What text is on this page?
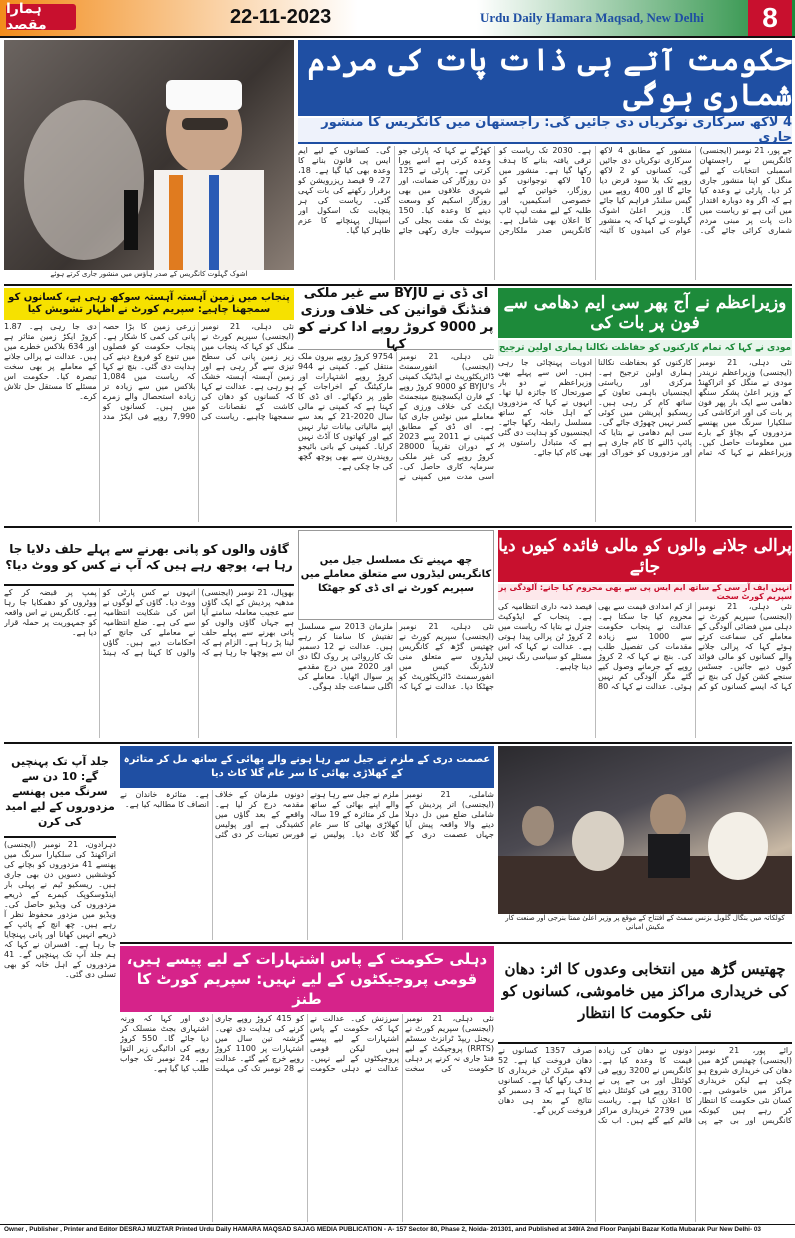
ہمارا مقصد	22-11-2023	Urdu Daily Hamara Maqsad, New Delhi	8
اشوک گہلوت کانگریس کے صدر ہاؤس میں منشور جاری کرتے ہوئے
حکومت آتے ہی ذات پات کی مردم شماری ہوگی
4 لاکھ سرکاری نوکریاں دی جائیں گی: راجستھان میں کانگریس کا منشور جاری
جے پور، 21 نومبر (ایجنسی) کانگریس نے راجستھان اسمبلی انتخابات کے لیے منگل کو اپنا منشور جاری کر دیا۔ پارٹی نے وعدہ کیا ہے کہ اگر وہ دوبارہ اقتدار میں آتی ہے تو ریاست میں ذات پات پر مبنی مردم شماری کرائی جائے گی۔ منشور کے مطابق 4 لاکھ سرکاری نوکریاں دی جائیں گی، کسانوں کو 2 لاکھ روپے تک بلا سود قرض دیا جائے گا اور 400 روپے میں گیس سلنڈر فراہم کیا جائے گا۔ وزیر اعلیٰ اشوک گہلوت نے کہا کہ یہ منشور عوام کی امیدوں کا آئینہ ہے۔ 2030 تک ریاست کو ترقی یافتہ بنانے کا ہدف رکھا گیا ہے۔ منشور میں 10 لاکھ نوجوانوں کو روزگار، خواتین کے لیے خصوصی اسکیمیں، اور طلبہ کے لیے مفت لیپ ٹاپ کا اعلان بھی شامل ہے۔ کانگریس صدر ملکارجن کھڑگے نے کہا کہ پارٹی جو وعدہ کرتی ہے اسے پورا کرتی ہے۔ پارٹی نے 125 دن روزگار کی ضمانت، اور شہری علاقوں میں بھی روزگار اسکیم کو وسعت دینے کا وعدہ کیا۔ 150 یونٹ تک مفت بجلی کی سہولت جاری رکھی جائے گی۔ کسانوں کے لیے ایم ایس پی قانون بنانے کا وعدہ بھی کیا گیا ہے۔ 18، 27، 9 فیصد ریزرویشن کو برقرار رکھنے کی بات کہی گئی۔ ریاست کی ہر پنچایت تک اسکول اور اسپتال پہنچانے کا عزم ظاہر کیا گیا۔
پنجاب میں زمین آہستہ آہستہ سوکھ رہی ہے، کسانوں کو سمجھنا چاہیے: سپریم کورٹ نے اظہار تشویش کیا
نئی دہلی، 21 نومبر (ایجنسی) سپریم کورٹ نے منگل کو کہا کہ پنجاب میں زیر زمین پانی کی سطح تیزی سے گر رہی ہے اور زمین آہستہ آہستہ خشک ہو رہی ہے۔ عدالت نے کہا کہ کسانوں کو دھان کی کاشت کے نقصانات کو سمجھنا چاہیے۔ ریاست کی زرعی زمین کا بڑا حصہ پانی کی کمی کا شکار ہے۔ پنجاب حکومت کو فصلوں میں تنوع کو فروغ دینے کی ہدایت دی گئی۔ بنچ نے کہا کہ ریاست میں 1,084 بلاکس میں سے زیادہ تر زیادہ استحصال والے زمرے میں ہیں۔ کسانوں کو 7,990 روپے فی ایکڑ مدد دی جا رہی ہے۔ 1.87 کروڑ ایکڑ زمین متاثر ہے اور 634 بلاکس خطرے میں ہیں۔ عدالت نے پرالی جلانے کے معاملے پر بھی سخت تبصرہ کیا۔ حکومت اس مسئلے کا مستقل حل تلاش کرے۔
ای ڈی نے BYJU سے غیر ملکی فنڈنگ قوانین کی خلاف ورزی پر 9000 کروڑ روپے ادا کرنے کو کہا
نئی دہلی، 21 نومبر (ایجنسی) انفورسمنٹ ڈائریکٹوریٹ نے ایڈٹیک کمپنی BYJU's کو 9000 کروڑ روپے کے فارن ایکسچینج مینجمنٹ ایکٹ کی خلاف ورزی کے معاملے میں نوٹس جاری کیا ہے۔ ای ڈی کے مطابق کمپنی نے 2011 سے 2023 کے دوران تقریباً 28000 کروڑ روپے کی غیر ملکی سرمایہ کاری حاصل کی۔ اسی مدت میں کمپنی نے 9754 کروڑ روپے بیرون ملک منتقل کیے۔ کمپنی نے 944 کروڑ روپے اشتہارات اور مارکیٹنگ کے اخراجات کے طور پر دکھائے۔ ای ڈی کا کہنا ہے کہ کمپنی نے مالی سال 2020-21 کے بعد سے اپنے مالیاتی بیانات تیار نہیں کیے اور کھاتوں کا آڈٹ نہیں کرایا۔ کمپنی کے بانی بائیجو رویندرن سے بھی پوچھ گچھ کی جا چکی ہے۔
وزیراعظم نے آج پھر سی ایم دھامی سے فون پر بات کی
مودی نے کہا کہ تمام کارکنوں کو حفاظت نکالنا ہماری اولین ترجیح
نئی دہلی، 21 نومبر (ایجنسی) وزیراعظم نریندر مودی نے منگل کو اتراکھنڈ کے وزیر اعلیٰ پشکر سنگھ دھامی سے ایک بار پھر فون پر بات کی اور اترکاشی کی سلکیارا سرنگ میں پھنسے مزدوروں کے بچاؤ کے بارے میں معلومات حاصل کیں۔ وزیراعظم نے کہا کہ تمام کارکنوں کو بحفاظت نکالنا ہماری اولین ترجیح ہے۔ مرکزی اور ریاستی ایجنسیاں باہمی تعاون کے ساتھ کام کر رہی ہیں۔ ریسکیو آپریشن میں کوئی کسر نہیں چھوڑی جائے گی۔ سی ایم دھامی نے بتایا کہ پائپ ڈالنے کا کام جاری ہے اور مزدوروں کو خوراک اور ادویات پہنچائی جا رہی ہیں۔ اس سے پہلے بھی وزیراعظم نے دو بار صورتحال کا جائزہ لیا تھا۔ انہوں نے کہا کہ مزدوروں کے اہل خانہ کے ساتھ مسلسل رابطہ رکھا جائے۔ ایجنسیوں کو ہدایت دی گئی ہے کہ متبادل راستوں پر بھی کام کیا جائے۔
گاؤں والوں کو پانی بھرنے سے پہلے حلف دلایا جا رہا ہے، پوچھ رہے ہیں کہ آپ نے کس کو ووٹ دیا؟
بھوپال، 21 نومبر (ایجنسی) مدھیہ پردیش کے ایک گاؤں سے عجیب معاملہ سامنے آیا ہے جہاں گاؤں والوں کو پانی بھرنے سے پہلے حلف لینا پڑ رہا ہے۔ الزام ہے کہ ان سے پوچھا جا رہا ہے کہ انہوں نے کس پارٹی کو ووٹ دیا۔ گاؤں کے لوگوں نے اس کی شکایت انتظامیہ سے کی ہے۔ ضلع انتظامیہ نے معاملے کی جانچ کے احکامات دیے ہیں۔ گاؤں والوں کا کہنا ہے کہ ہینڈ پمپ پر قبضہ کر کے ووٹروں کو دھمکایا جا رہا ہے۔ کانگریس نے اس واقعہ کو جمہوریت پر حملہ قرار دیا ہے۔
چھ مہینے تک مسلسل جیل میں کانگریس لیڈروں سے متعلق معاملے میں سپریم کورٹ نے ای ڈی کو جھٹکا
نئی دہلی، 21 نومبر (ایجنسی) سپریم کورٹ نے چھتیس گڑھ کے کانگریس لیڈروں سے متعلق منی لانڈرنگ کیس میں انفورسمنٹ ڈائریکٹوریٹ کو جھٹکا دیا۔ عدالت نے کہا کہ ملزمان 2013 سے مسلسل تفتیش کا سامنا کر رہے ہیں۔ عدالت نے 12 دسمبر تک کارروائی پر روک لگا دی اور 2020 میں درج مقدمے پر سوال اٹھایا۔ معاملے کی اگلی سماعت جلد ہوگی۔
پرالی جلانے والوں کو مالی فائدہ کیوں دیا جائے
انہیں ایف آر سی کے ساتھ ایم ایس پی سے بھی محروم کیا جانے: آلودگی پر سپریم کورٹ سخت
نئی دہلی، 21 نومبر (ایجنسی) سپریم کورٹ نے دہلی میں فضائی آلودگی کے معاملے کی سماعت کرتے ہوئے کہا کہ پرالی جلانے والے کسانوں کو مالی فوائد کیوں دیے جائیں۔ جسٹس سنجے کشن کول کی بنچ نے کہا کہ ایسے کسانوں کو کم از کم امدادی قیمت سے بھی محروم کیا جا سکتا ہے۔ عدالت نے پنجاب حکومت سے 1000 سے زیادہ مقدمات کی تفصیل طلب کی۔ بنچ نے کہا کہ 2 کروڑ روپے کے جرمانے وصول کیے گئے مگر آلودگی کم نہیں ہوئی۔ عدالت نے کہا کہ 80 فیصد ذمہ داری انتظامیہ کی ہے۔ پنجاب کے ایڈوکیٹ جنرل نے بتایا کہ ریاست میں 2 کروڑ ٹن پرالی پیدا ہوتی ہے۔ عدالت نے کہا کہ اس مسئلے کو سیاسی رنگ نہیں دینا چاہیے۔
جلد آپ تک پہنچیں گے: 10 دن سے سرنگ میں پھنسے مزدوروں کے لیے امید کی کرن
دہرادون، 21 نومبر (ایجنسی) اتراکھنڈ کی سلکیارا سرنگ میں پھنسے 41 مزدوروں کو بچانے کی کوششیں دسویں دن بھی جاری ہیں۔ ریسکیو ٹیم نے پہلی بار اینڈوسکوپک کیمرے کے ذریعے مزدوروں کی ویڈیو حاصل کی۔ ویڈیو میں مزدور محفوظ نظر آ رہے ہیں۔ چھ انچ کے پائپ کے ذریعے انہیں کھانا اور پانی پہنچایا جا رہا ہے۔ افسران نے کہا کہ ہم جلد آپ تک پہنچیں گے۔ 41 مزدوروں کے اہل خانہ کو بھی تسلی دی گئی۔
عصمت دری کے ملزم نے جیل سے رہا ہونے والے بھائی کے ساتھ مل کر متاثرہ کے کھلاڑی بھائی کا سر عام گلا کاٹ دیا
شاملی، 21 نومبر (ایجنسی) اتر پردیش کے شاملی ضلع میں دل دہلا دینے والا واقعہ پیش آیا جہاں عصمت دری کے ملزم نے جیل سے رہا ہونے والے اپنے بھائی کے ساتھ مل کر متاثرہ کے 19 سالہ کھلاڑی بھائی کا سر عام گلا کاٹ دیا۔ پولیس نے دونوں ملزمان کے خلاف مقدمہ درج کر لیا ہے۔ واقعے کے بعد گاؤں میں کشیدگی ہے اور پولیس فورس تعینات کر دی گئی ہے۔ متاثرہ خاندان نے انصاف کا مطالبہ کیا ہے۔
کولکاتہ میں بنگال گلوبل بزنس سمٹ کے افتتاح کے موقع پر وزیر اعلیٰ ممتا بنرجی اور صنعت کار مکیش امبانی
دہلی حکومت کے پاس اشتہارات کے لیے پیسے ہیں، قومی پروجیکٹوں کے لیے نہیں: سپریم کورٹ کا طنز
نئی دہلی، 21 نومبر (ایجنسی) سپریم کورٹ نے ریجنل ریپڈ ٹرانزٹ سسٹم (RRTS) پروجیکٹ کے لیے فنڈ جاری نہ کرنے پر دہلی حکومت کی سخت سرزنش کی۔ عدالت نے کہا کہ حکومت کے پاس اشتہارات کے لیے پیسے ہیں لیکن قومی پروجیکٹوں کے لیے نہیں۔ عدالت نے دہلی حکومت کو 415 کروڑ روپے جاری کرنے کی ہدایت دی تھی۔ گزشتہ تین سال میں اشتہارات پر 1100 کروڑ روپے خرچ کیے گئے۔ عدالت نے 28 نومبر تک کی مہلت دی اور کہا کہ ورنہ اشتہاری بجٹ منسلک کر دیا جائے گا۔ 550 کروڑ روپے کی ادائیگی زیر التوا ہے۔ 24 نومبر تک جواب طلب کیا گیا ہے۔
چھتیس گڑھ میں انتخابی وعدوں کا اثر: دھان کی خریداری مراکز میں خاموشی، کسانوں کو نئی حکومت کا انتظار
رائے پور، 21 نومبر (ایجنسی) چھتیس گڑھ میں دھان کی خریداری شروع ہو چکی ہے لیکن خریداری مراکز میں خاموشی ہے۔ کسان نئی حکومت کا انتظار کر رہے ہیں کیونکہ کانگریس اور بی جے پی دونوں نے دھان کی زیادہ قیمت کا وعدہ کیا ہے۔ کانگریس نے 3200 روپے فی کوئنٹل اور بی جے پی نے 3100 روپے فی کوئنٹل دینے کا اعلان کیا ہے۔ ریاست میں 2739 خریداری مراکز قائم کیے گئے ہیں۔ اب تک صرف 1357 کسانوں نے دھان فروخت کیا ہے۔ 52 لاکھ میٹرک ٹن خریداری کا ہدف رکھا گیا ہے۔ کسانوں کا کہنا ہے کہ 3 دسمبر کو نتائج کے بعد ہی دھان فروخت کریں گے۔
Owner , Publisher , Printer and Editor DESRAJ MUZTAR Printed Urdu Daily HAMARA MAQSAD SAJAG MEDIA PUBLICATION - A- 157 Sector 80, Phase 2, Noida- 201301, and Published at 349/A 2nd Floor Panjabi Bazar Kotla Mubarak Pur New Delhi- 03
